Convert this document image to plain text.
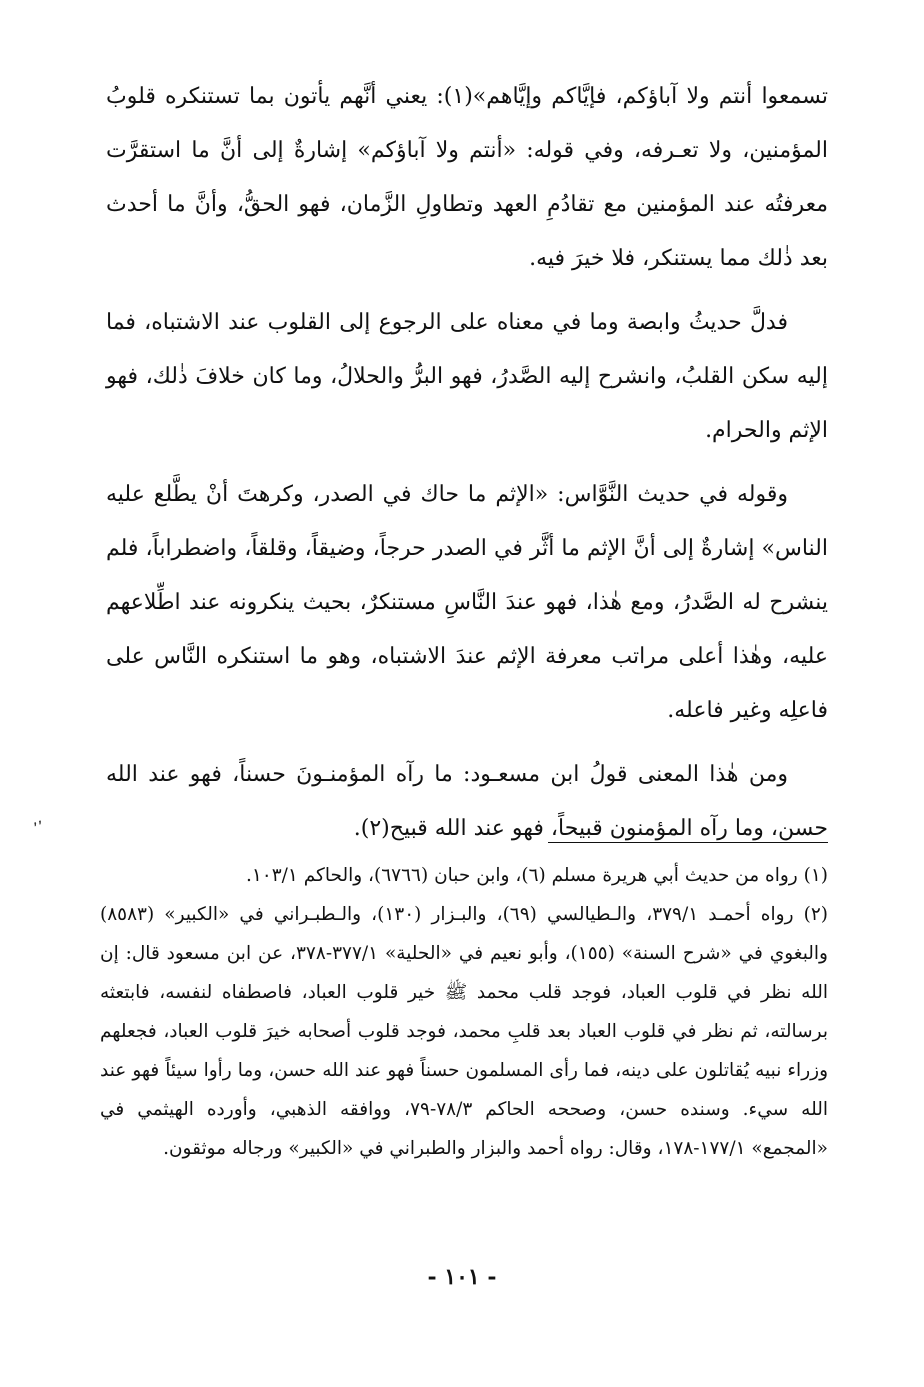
تسمعوا أنتم ولا آباؤكم، فإيَّاكم وإيَّاهم»(١): يعني أنَّهم يأتون بما تستنكره قلوبُ المؤمنين، ولا تعـرفه، وفي قوله: «أنتم ولا آباؤكم» إشارةٌ إلى أنَّ ما استقرَّت معرفتُه عند المؤمنين مع تقادُمِ العهد وتطاولِ الزَّمان، فهو الحقُّ، وأنَّ ما أحدث بعد ذٰلك مما يستنكر، فلا خيرَ فيه.

فدلَّ حديثُ وابصة وما في معناه على الرجوع إلى القلوب عند الاشتباه، فما إليه سكن القلبُ، وانشرح إليه الصَّدرُ، فهو البرُّ والحلالُ، وما كان خلافَ ذٰلك، فهو الإثم والحرام.

وقوله في حديث النَّوَّاس: «الإثم ما حاك في الصدر، وكرهتَ أنْ يطَّلع عليه الناس» إشارةٌ إلى أنَّ الإثم ما أثَّر في الصدر حرجاً، وضيقاً، وقلقاً، واضطراباً، فلم ينشرح له الصَّدرُ، ومع هٰذا، فهو عندَ النَّاسِ مستنكرٌ، بحيث ينكرونه عند اطِّلاعهم عليه، وهٰذا أعلى مراتب معرفة الإثم عندَ الاشتباه، وهو ما استنكره النَّاس على فاعلِه وغير فاعله.

ومن هٰذا المعنى قولُ ابن مسعـود: ما رآه المؤمنـونَ حسناً، فهو عند الله حسن، وما رآه المؤمنون قبيحاً، فهو عند الله قبيح(٢).

٬٬

(١) رواه من حديث أبي هريرة مسلم (٦)، وابن حبان (٦٧٦٦)، والحاكم ١٠٣/١.

(٢) رواه أحمـد ٣٧٩/١، والـطيالسي (٦٩)، والبـزار (١٣٠)، والـطبـراني في «الكبير» (٨٥٨٣) والبغوي في «شرح السنة» (١٥٥)، وأبو نعيم في «الحلية» ٣٧٧/١-٣٧٨، عن ابن مسعود قال: إن الله نظر في قلوب العباد، فوجد قلب محمد ﷺ خير قلوب العباد، فاصطفاه لنفسه، فابتعثه برسالته، ثم نظر في قلوب العباد بعد قلبِ محمد، فوجد قلوب أصحابه خيرَ قلوب العباد، فجعلهم وزراء نبيه يُقاتلون على دينه، فما رأى المسلمون حسناً فهو عند الله حسن، وما رأوا سيئاً فهو عند الله سيء. وسنده حسن، وصححه الحاكم ٧٨/٣-٧٩، ووافقه الذهبي، وأورده الهيثمي في «المجمع» ١٧٧/١-١٧٨، وقال: رواه أحمد والبزار والطبراني في «الكبير» ورجاله موثقون.

- ١٠١ -
